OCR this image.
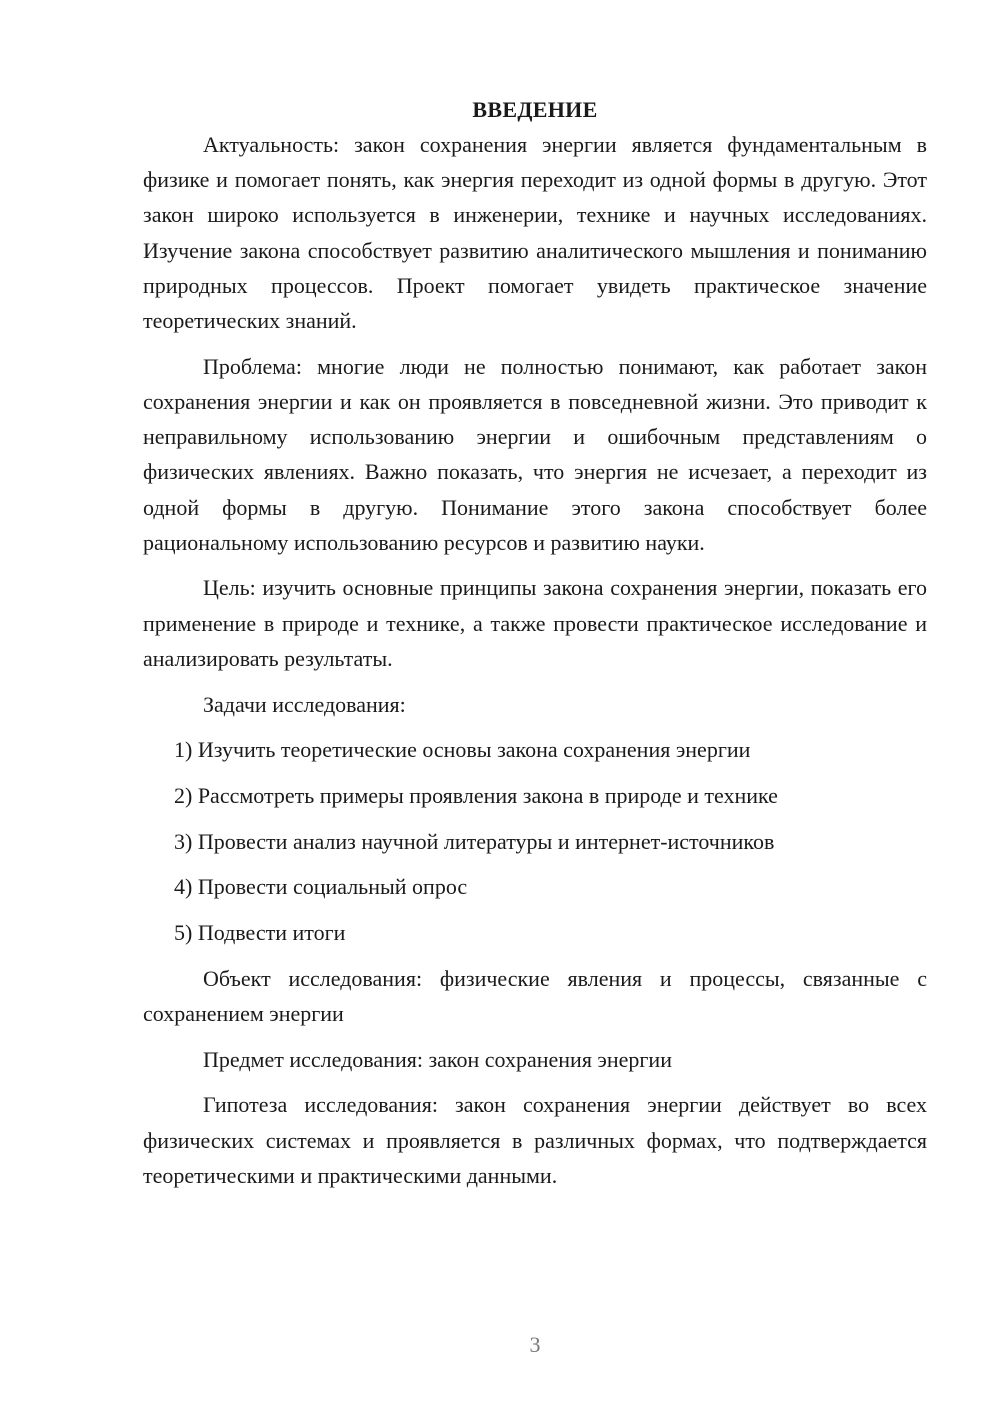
ВВЕДЕНИЕ

Актуальность: закон сохранения энергии является фундаментальным в физике и помогает понять, как энергия переходит из одной формы в другую. Этот закон широко используется в инженерии, технике и научных исследованиях. Изучение закона способствует развитию аналитического мышления и пониманию природных процессов. Проект помогает увидеть практическое значение теоретических знаний.

Проблема: многие люди не полностью понимают, как работает закон сохранения энергии и как он проявляется в повседневной жизни. Это приводит к неправильному использованию энергии и ошибочным представлениям о физических явлениях. Важно показать, что энергия не исчезает, а переходит из одной формы в другую. Понимание этого закона способствует более рациональному использованию ресурсов и развитию науки.

Цель: изучить основные принципы закона сохранения энергии, показать его применение в природе и технике, а также провести практическое исследование и анализировать результаты.

Задачи исследования:

1) Изучить теоретические основы закона сохранения энергии
2) Рассмотреть примеры проявления закона в природе и технике
3) Провести анализ научной литературы и интернет-источников
4) Провести социальный опрос
5) Подвести итоги

Объект исследования: физические явления и процессы, связанные с сохранением энергии

Предмет исследования: закон сохранения энергии

Гипотеза исследования: закон сохранения энергии действует во всех физических системах и проявляется в различных формах, что подтверждается теоретическими и практическими данными.

3
